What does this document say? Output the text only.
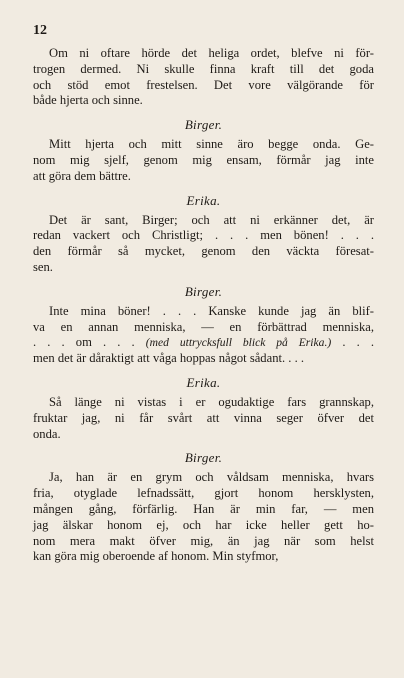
12
Om ni oftare hörde det heliga ordet, blefve ni för-
trogen dermed. Ni skulle finna kraft till det goda
och stöd emot frestelsen. Det vore välgörande för
både hjerta och sinne.
Birger.
Mitt hjerta och mitt sinne äro begge onda. Ge-
nom mig sjelf, genom mig ensam, förmår jag inte
att göra dem bättre.
Erika.
Det är sant, Birger; och att ni erkänner det, är
redan vackert och Christligt; . . . men bönen! . . .
den förmår så mycket, genom den väckta föresat-
sen.
Birger.
Inte mina böner! . . . Kanske kunde jag än blif-
va en annan menniska, — en förbättrad menniska,
. . . om . . . (med uttrycksfull blick på Erika.) . . .
men det är dåraktigt att våga hoppas något sådant. . . .
Erika.
Så länge ni vistas i er ogudaktige fars grannskap,
fruktar jag, ni får svårt att vinna seger öfver det
onda.
Birger.
Ja, han är en grym och våldsam menniska, hvars
fria, otyglade lefnadssätt, gjort honom hersklysten,
mången gång, förfärlig. Han är min far, — men
jag älskar honom ej, och har icke heller gett ho-
nom mera makt öfver mig, än jag när som helst
kan göra mig oberoende af honom. Min styfmor,
